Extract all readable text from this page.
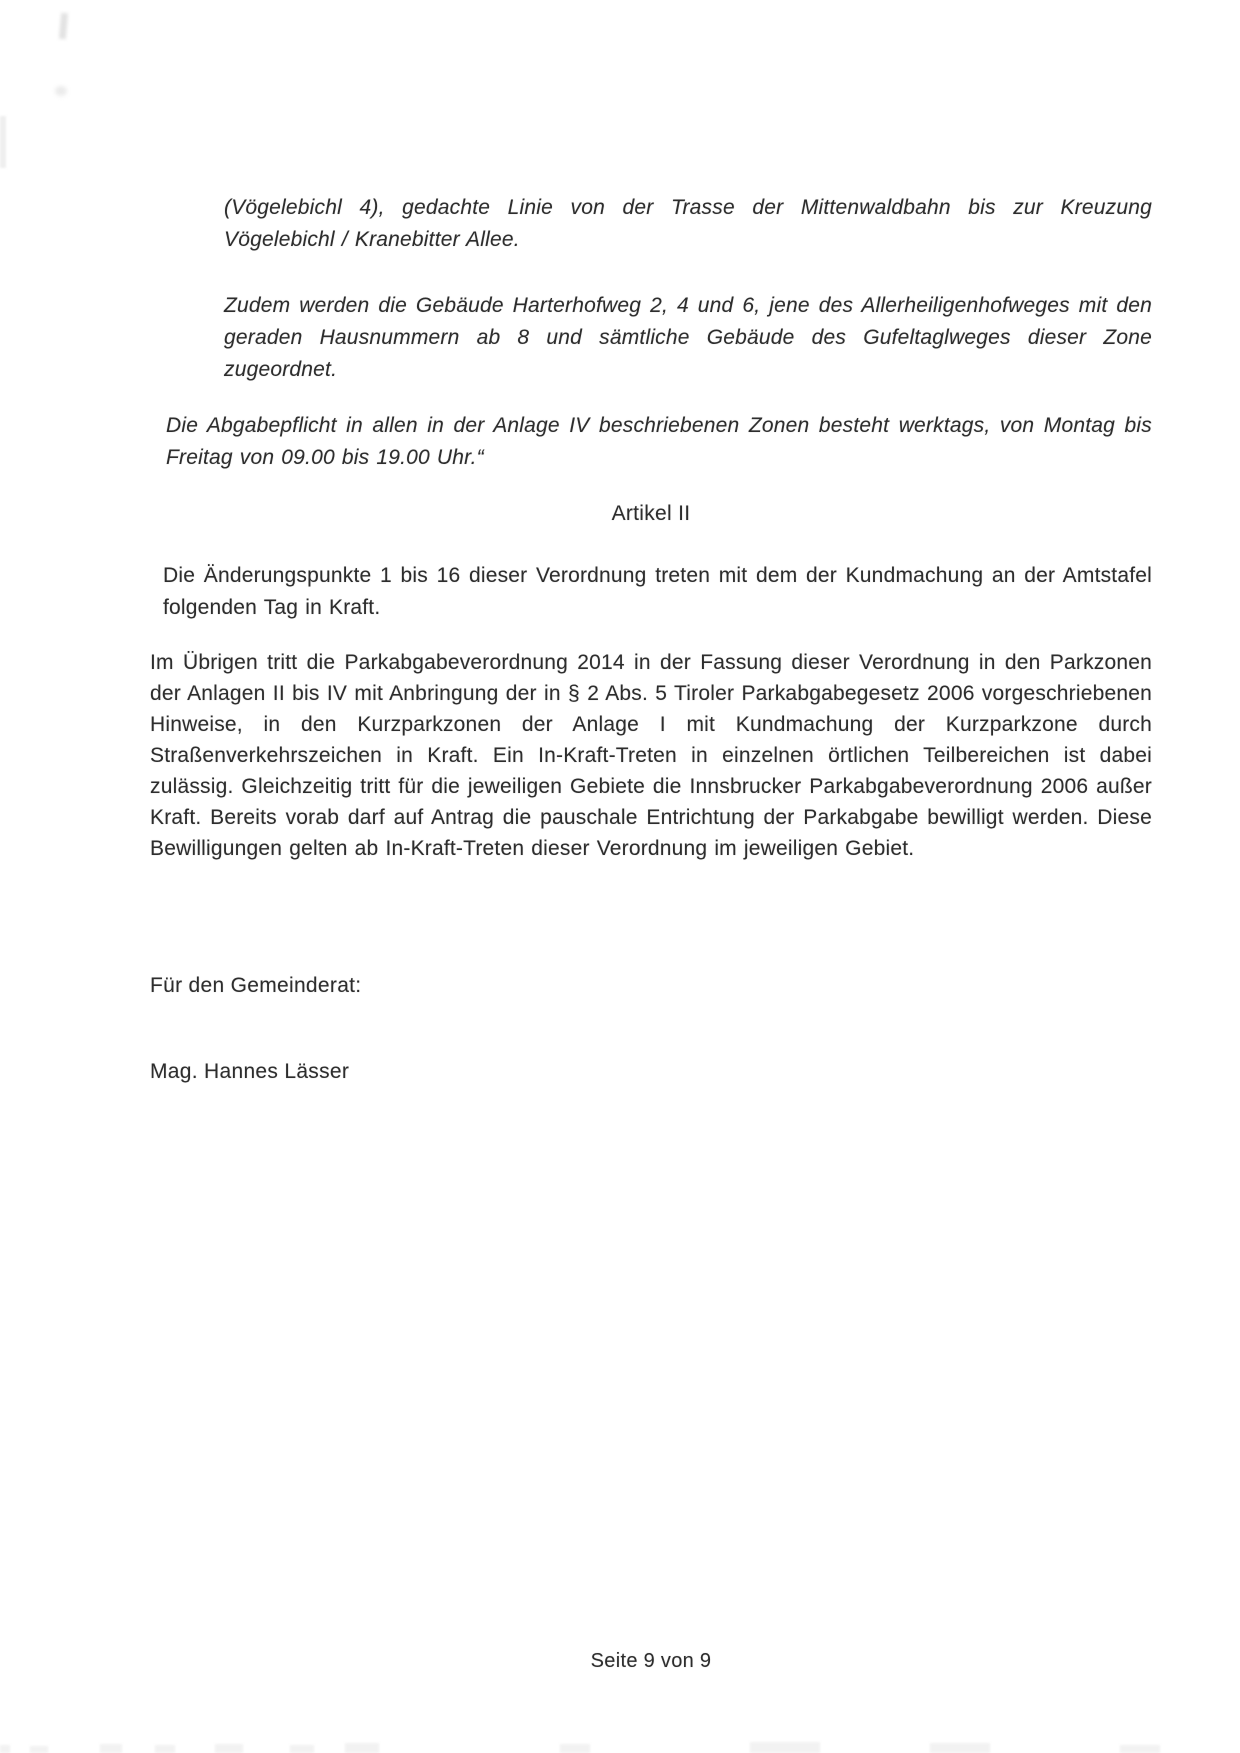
(Vögelebichl 4), gedachte Linie von der Trasse der Mittenwaldbahn bis zur Kreuzung Vögelebichl / Kranebitter Allee.

Zudem werden die Gebäude Harterhofweg 2, 4 und 6, jene des Allerheiligenhofweges mit den geraden Hausnummern ab 8 und sämtliche Gebäude des Gufeltaglweges dieser Zone zugeordnet.

Die Abgabepflicht in allen in der Anlage IV beschriebenen Zonen besteht werktags, von Montag bis Freitag von 09.00 bis 19.00 Uhr.“

Artikel II

Die Änderungspunkte 1 bis 16 dieser Verordnung treten mit dem der Kundmachung an der Amtstafel folgenden Tag in Kraft.

Im Übrigen tritt die Parkabgabeverordnung 2014 in der Fassung dieser Verordnung in den Parkzonen der Anlagen II bis IV mit Anbringung der in § 2 Abs. 5 Tiroler Parkabgabegesetz 2006 vorgeschriebenen Hinweise, in den Kurzparkzonen der Anlage I mit Kundmachung der Kurzparkzone durch Straßenverkehrszeichen in Kraft. Ein In-Kraft-Treten in einzelnen örtlichen Teilbereichen ist dabei zulässig. Gleichzeitig tritt für die jeweiligen Gebiete die Innsbrucker Parkabgabeverordnung 2006 außer Kraft. Bereits vorab darf auf Antrag die pauschale Entrichtung der Parkabgabe bewilligt werden. Diese Bewilligungen gelten ab In-Kraft-Treten dieser Verordnung im jeweiligen Gebiet.

Für den Gemeinderat:

Mag. Hannes Lässer

Seite 9 von 9
